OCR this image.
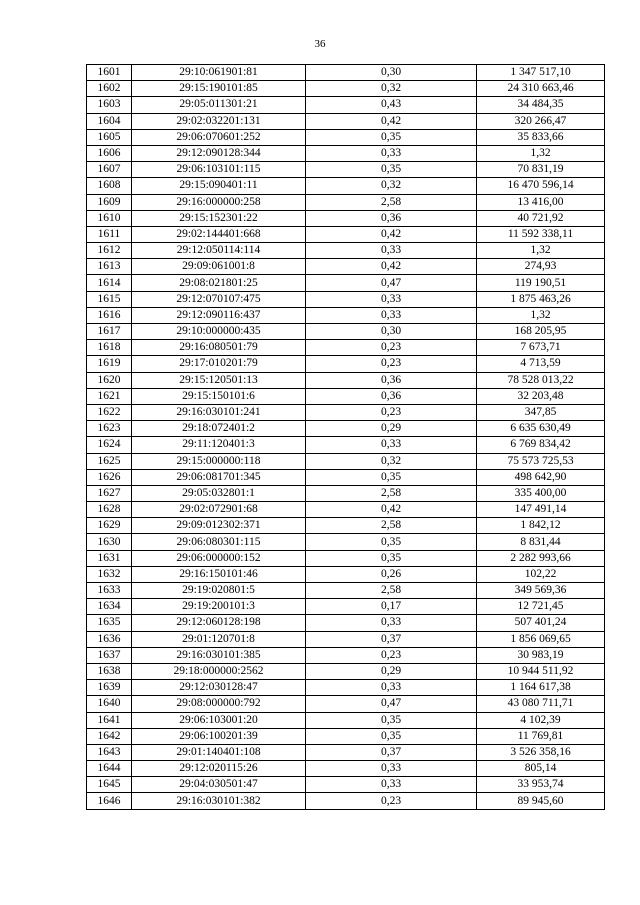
36
1601	29:10:061901:81	0,30	1 347 517,10
1602	29:15:190101:85	0,32	24 310 663,46
1603	29:05:011301:21	0,43	34 484,35
1604	29:02:032201:131	0,42	320 266,47
1605	29:06:070601:252	0,35	35 833,66
1606	29:12:090128:344	0,33	1,32
1607	29:06:103101:115	0,35	70 831,19
1608	29:15:090401:11	0,32	16 470 596,14
1609	29:16:000000:258	2,58	13 416,00
1610	29:15:152301:22	0,36	40 721,92
1611	29:02:144401:668	0,42	11 592 338,11
1612	29:12:050114:114	0,33	1,32
1613	29:09:061001:8	0,42	274,93
1614	29:08:021801:25	0,47	119 190,51
1615	29:12:070107:475	0,33	1 875 463,26
1616	29:12:090116:437	0,33	1,32
1617	29:10:000000:435	0,30	168 205,95
1618	29:16:080501:79	0,23	7 673,71
1619	29:17:010201:79	0,23	4 713,59
1620	29:15:120501:13	0,36	78 528 013,22
1621	29:15:150101:6	0,36	32 203,48
1622	29:16:030101:241	0,23	347,85
1623	29:18:072401:2	0,29	6 635 630,49
1624	29:11:120401:3	0,33	6 769 834,42
1625	29:15:000000:118	0,32	75 573 725,53
1626	29:06:081701:345	0,35	498 642,90
1627	29:05:032801:1	2,58	335 400,00
1628	29:02:072901:68	0,42	147 491,14
1629	29:09:012302:371	2,58	1 842,12
1630	29:06:080301:115	0,35	8 831,44
1631	29:06:000000:152	0,35	2 282 993,66
1632	29:16:150101:46	0,26	102,22
1633	29:19:020801:5	2,58	349 569,36
1634	29:19:200101:3	0,17	12 721,45
1635	29:12:060128:198	0,33	507 401,24
1636	29:01:120701:8	0,37	1 856 069,65
1637	29:16:030101:385	0,23	30 983,19
1638	29:18:000000:2562	0,29	10 944 511,92
1639	29:12:030128:47	0,33	1 164 617,38
1640	29:08:000000:792	0,47	43 080 711,71
1641	29:06:103001:20	0,35	4 102,39
1642	29:06:100201:39	0,35	11 769,81
1643	29:01:140401:108	0,37	3 526 358,16
1644	29:12:020115:26	0,33	805,14
1645	29:04:030501:47	0,33	33 953,74
1646	29:16:030101:382	0,23	89 945,60
